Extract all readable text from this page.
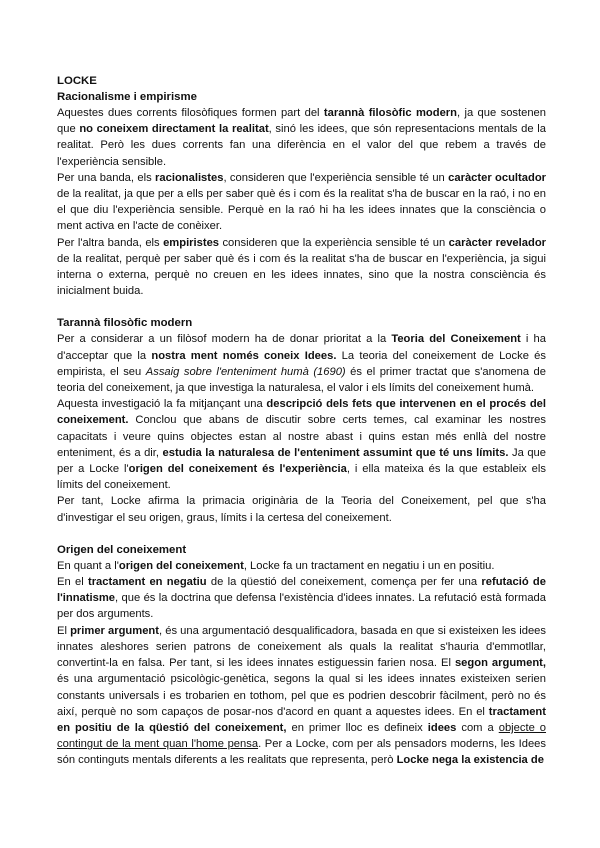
LOCKE
Racionalisme i empirisme

Aquestes dues corrents filosòfiques formen part del tarannà filosòfic modern, ja que sostenen que no coneixem directament la realitat, sinó les idees, que són representacions mentals de la realitat. Però les dues corrents fan una diferència en el valor del que rebem a través de l'experiència sensible.

Per una banda, els racionalistes, consideren que l'experiència sensible té un caràcter ocultador de la realitat, ja que per a ells per saber què és i com és la realitat s'ha de buscar en la raó, i no en el que diu l'experiència sensible. Perquè en la raó hi ha les idees innates que la consciència o ment activa en l'acte de conèixer.

Per l'altra banda, els empiristes consideren que la experiència sensible té un caràcter revelador de la realitat, perquè per saber què és i com és la realitat s'ha de buscar en l'experiència, ja sigui interna o externa, perquè no creuen en les idees innates, sino que la nostra consciència és inicialment buida.

Tarannà filosòfic modern

Per a considerar a un filòsof modern ha de donar prioritat a la Teoria del Coneixement i ha d'acceptar que la nostra ment només coneix Idees. La teoria del coneixement de Locke és empirista, el seu Assaig sobre l'enteniment humà (1690) és el primer tractat que s'anomena de teoria del coneixement, ja que investiga la naturalesa, el valor i els límits del coneixement humà.

Aquesta investigació la fa mitjançant una descripció dels fets que intervenen en el procés del coneixement. Conclou que abans de discutir sobre certs temes, cal examinar les nostres capacitats i veure quins objectes estan al nostre abast i quins estan més enllà del nostre enteniment, és a dir, estudia la naturalesa de l'enteniment assumint que té uns límits. Ja que per a Locke l'origen del coneixement és l'experiència, i ella mateixa és la que estableix els límits del coneixement.

Per tant, Locke afirma la primacia originària de la Teoria del Coneixement, pel que s'ha d'investigar el seu origen, graus, límits i la certesa del coneixement.

Origen del coneixement

En quant a l'origen del coneixement, Locke fa un tractament en negatiu i un en positiu.

En el tractament en negatiu de la qüestió del coneixement, comença per fer una refutació de l'innatisme, que és la doctrina que defensa l'existència d'idees innates. La refutació està formada per dos arguments.

El primer argument, és una argumentació desqualificadora, basada en que si existeixen les idees innates aleshores serien patrons de coneixement als quals la realitat s'hauria d'emmotllar, convertint-la en falsa. Per tant, si les idees innates estiguessin farien nosa. El segon argument, és una argumentació psicològic-genètica, segons la qual si les idees innates existeixen serien constants universals i es trobarien en tothom, pel que es podrien descobrir fàcilment, però no és així, perquè no som capaços de posar-nos d'acord en quant a aquestes idees. En el tractament en positiu de la qüestió del coneixement, en primer lloc es defineix idees com a objecte o contingut de la ment quan l'home pensa. Per a Locke, com per als pensadors moderns, les Idees són continguts mentals diferents a les realitats que representa, però Locke nega la existencia de
